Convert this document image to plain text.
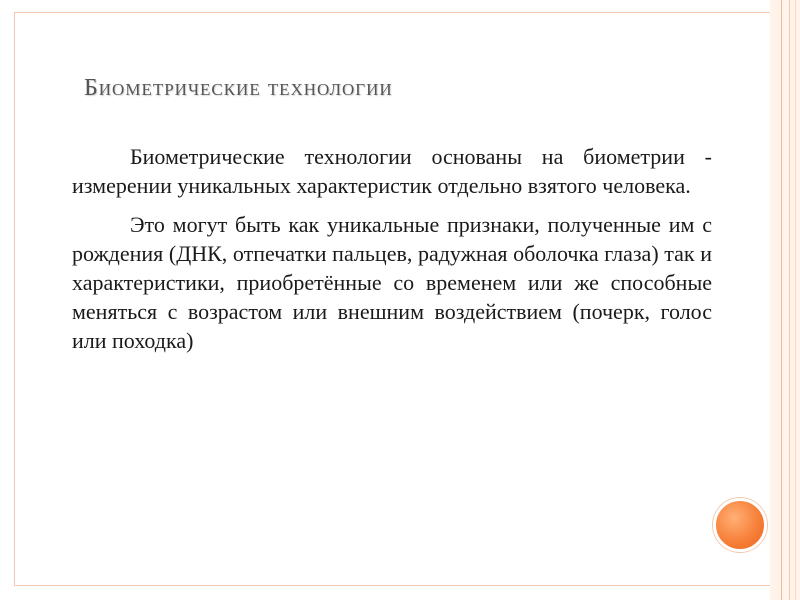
Биометрические технологии

Биометрические технологии основаны на биометрии - измерении уникальных характеристик отдельно взятого человека.

Это могут быть как уникальные признаки, полученные им с рождения (ДНК, отпечатки пальцев, радужная оболочка глаза) так и характеристики, приобретённые со временем или же способные меняться с возрастом или внешним воздействием (почерк, голос или походка)
